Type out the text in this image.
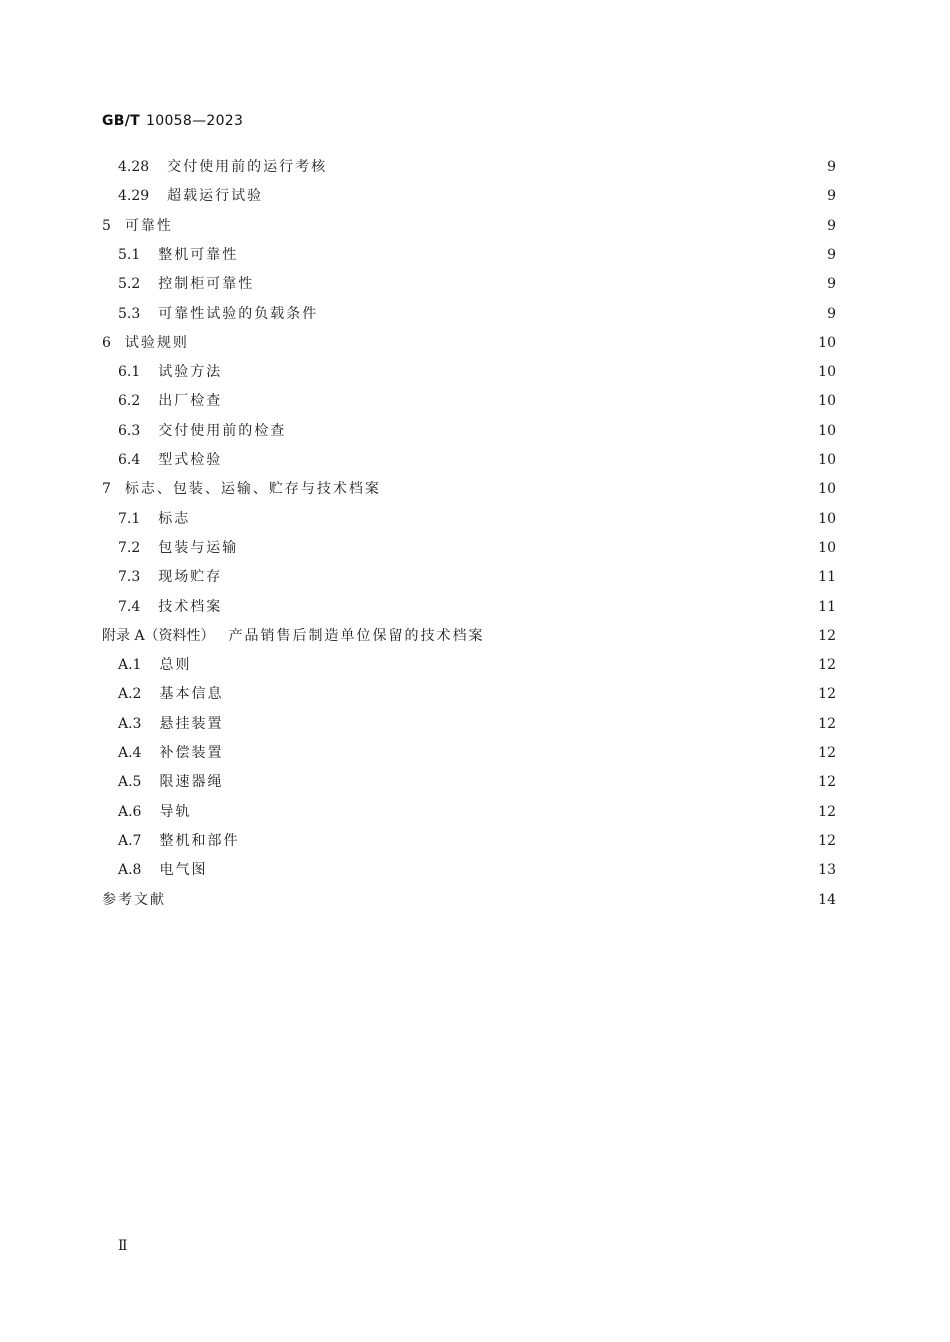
GB/T 10058—2023
4.28 交付使用前的运行考核	9
4.29 超载运行试验	9
5 可靠性	9
5.1 整机可靠性	9
5.2 控制柜可靠性	9
5.3 可靠性试验的负载条件	9
6 试验规则	10
6.1 试验方法	10
6.2 出厂检查	10
6.3 交付使用前的检查	10
6.4 型式检验	10
7 标志、包装、运输、贮存与技术档案	10
7.1 标志	10
7.2 包装与运输	10
7.3 现场贮存	11
7.4 技术档案	11
附录 A（资料性） 产品销售后制造单位保留的技术档案	12
A.1 总则	12
A.2 基本信息	12
A.3 悬挂装置	12
A.4 补偿装置	12
A.5 限速器绳	12
A.6 导轨	12
A.7 整机和部件	12
A.8 电气图	13
参考文献	14
Ⅱ
